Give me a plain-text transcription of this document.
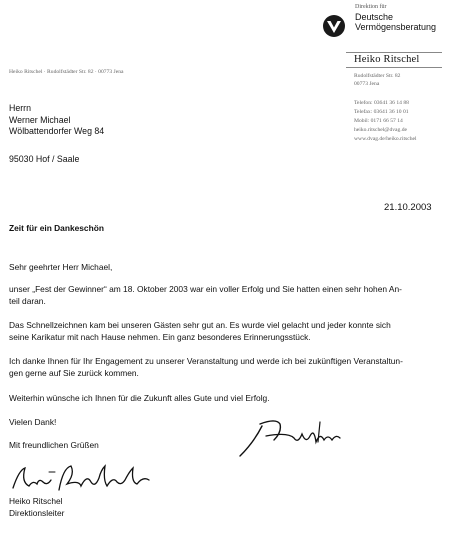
Direktion für
Deutsche
Vermögensberatung
Heiko Ritschel
Heiko Ritschel · Rudolfstädter Str. 82 · 00773 Jena
Rudolfstädter Str. 82
00773 Jena
Telefon: 03641 36 14 88
Telefax: 03641 36 10 01
Mobil: 0171 66 57 14
heiko.ritschel@dvag.de
www.dvag.de/heiko.ritschel
Herrn
Werner Michael
Wölbattendorfer Weg 84
95030 Hof / Saale
21.10.2003
Zeit für ein Dankeschön
Sehr geehrter Herr Michael,
unser „Fest der Gewinner“ am 18. Oktober 2003 war ein voller Erfolg und Sie hatten einen sehr hohen An-
teil daran.
Das Schnellzeichnen kam bei unseren Gästen sehr gut an. Es wurde viel gelacht und jeder konnte sich
seine Karikatur mit nach Hause nehmen. Ein ganz besonderes Erinnerungsstück.
Ich danke Ihnen für Ihr Engagement zu unserer Veranstaltung und werde ich bei zukünftigen Veranstaltun-
gen gerne auf Sie zurück kommen.
Weiterhin wünsche ich Ihnen für die Zukunft alles Gute und viel Erfolg.
Vielen Dank!
Mit freundlichen Grüßen
Heiko Ritschel
Direktionsleiter
